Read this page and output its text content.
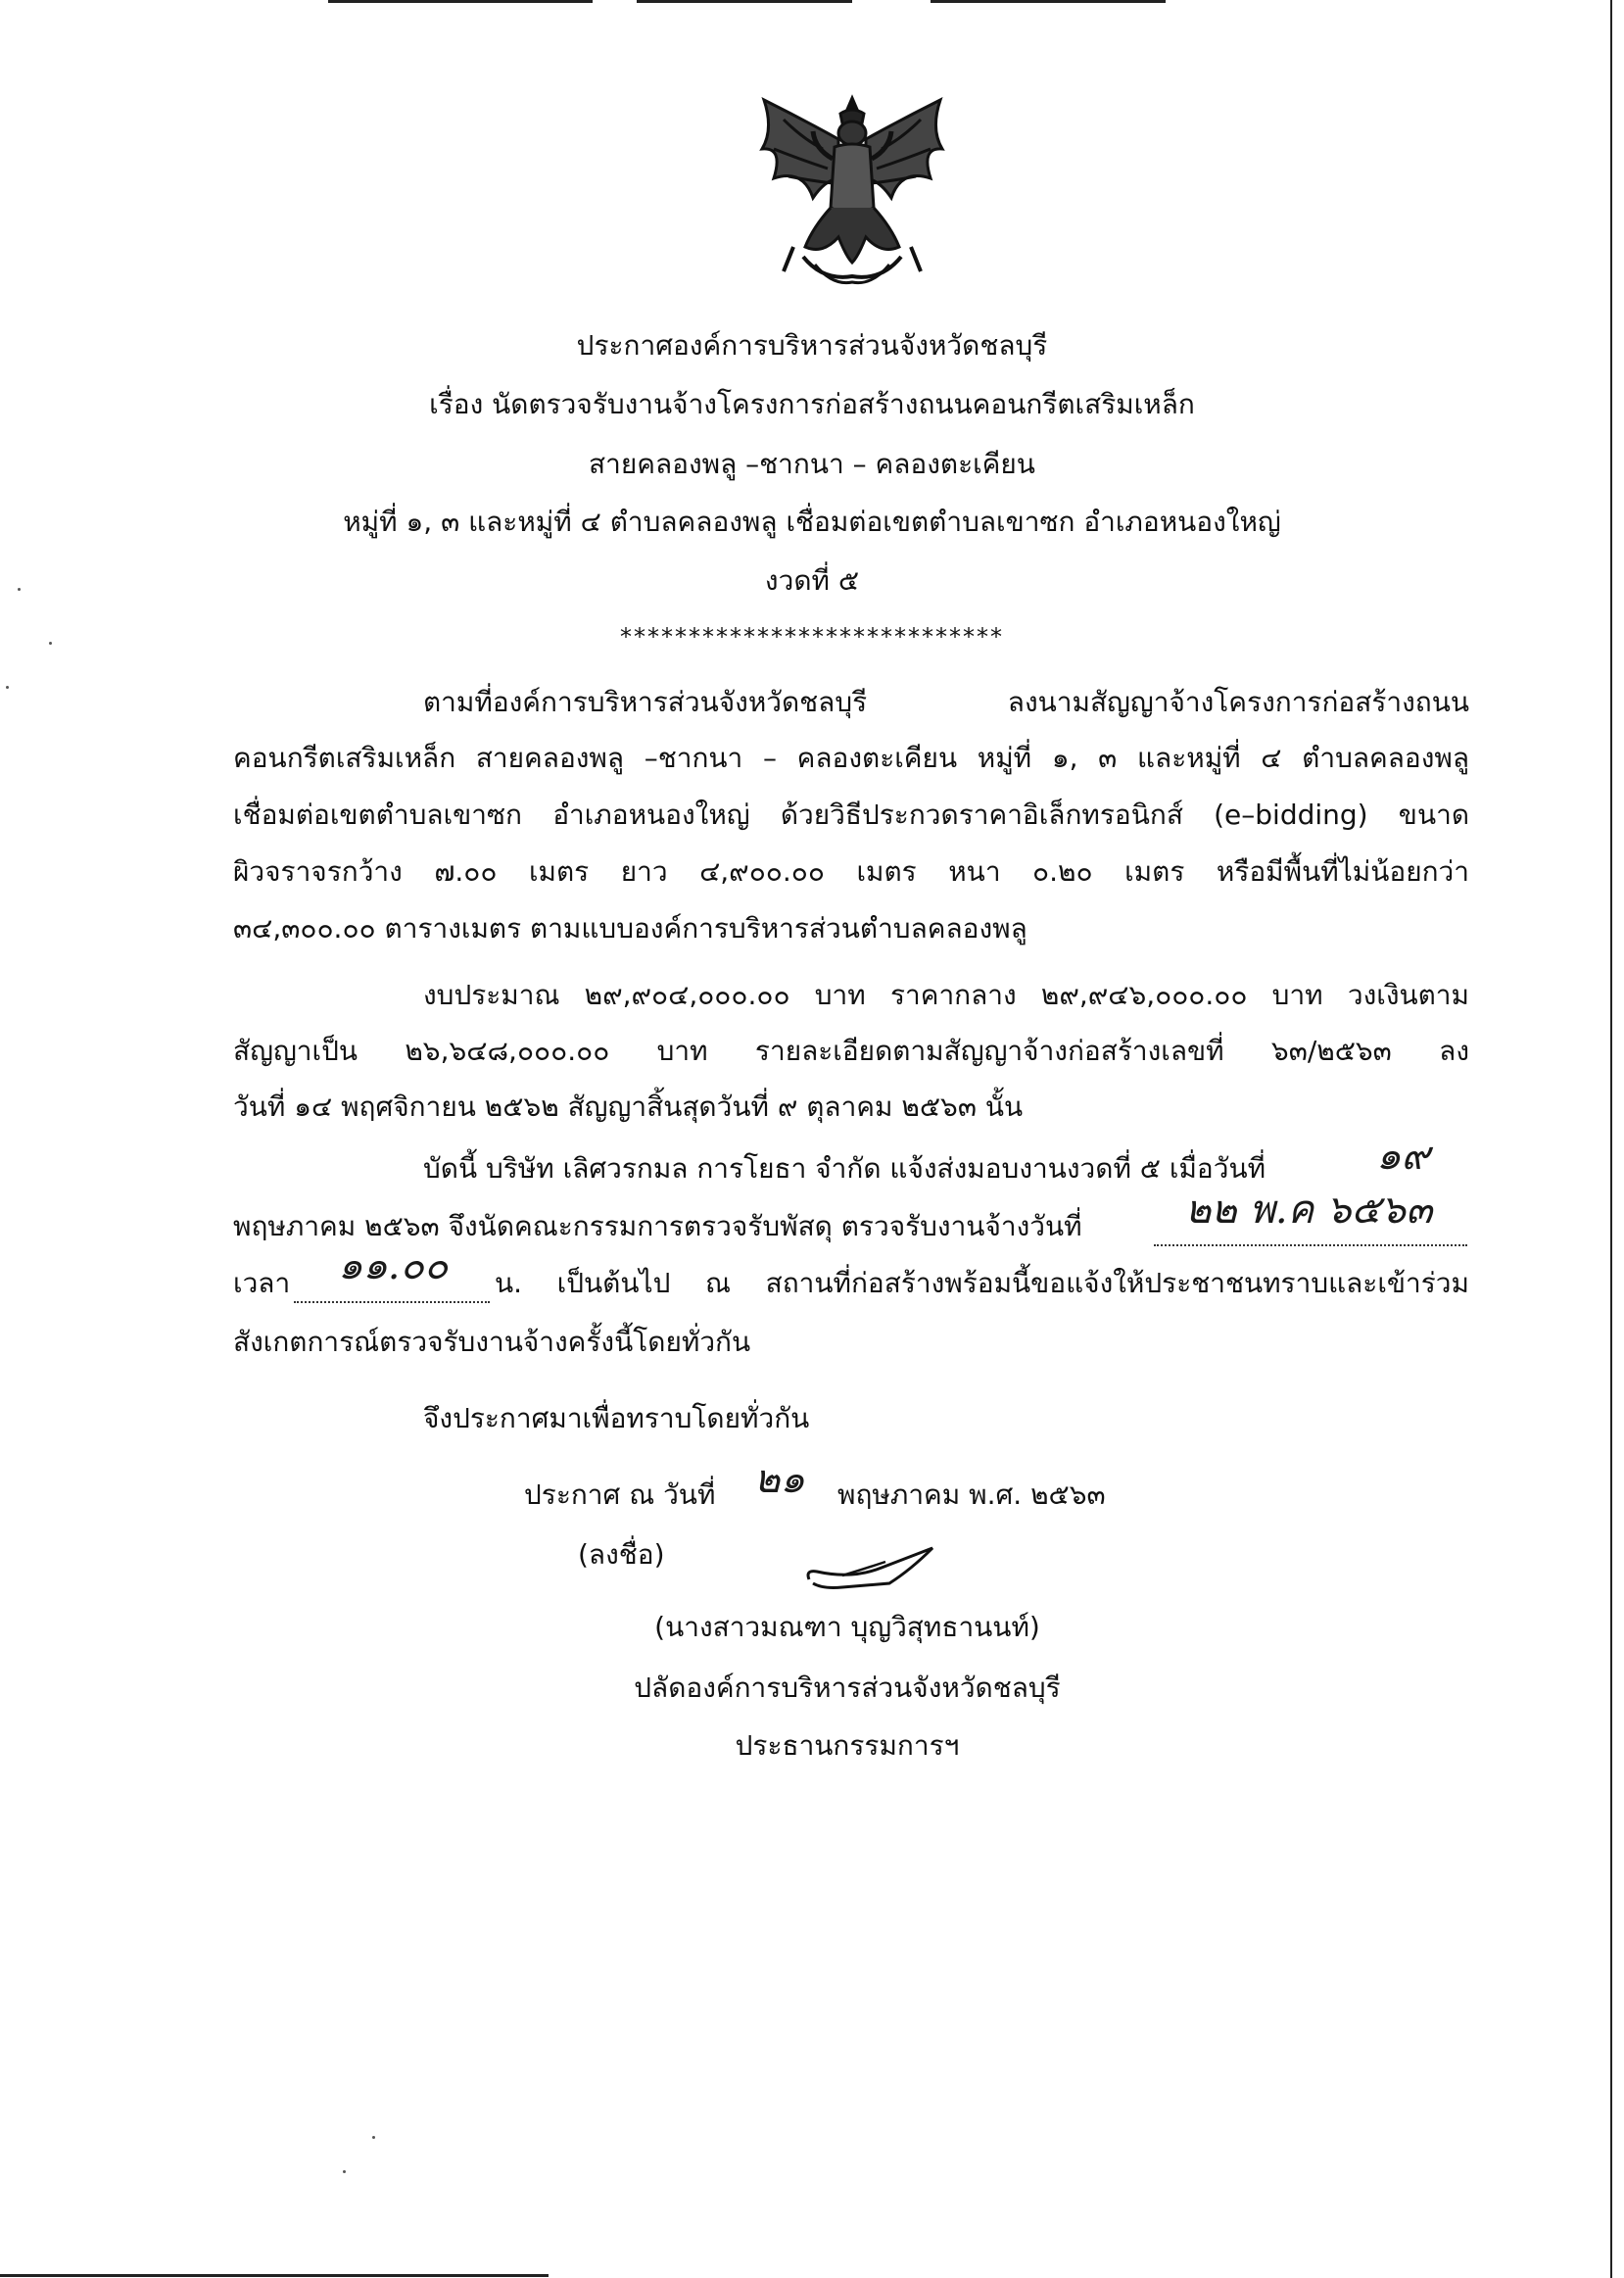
ประกาศองค์การบริหารส่วนจังหวัดชลบุรี
เรื่อง นัดตรวจรับงานจ้างโครงการก่อสร้างถนนคอนกรีตเสริมเหล็ก
สายคลองพลู –ชากนา – คลองตะเคียน
หมู่ที่ ๑, ๓ และหมู่ที่ ๔ ตำบลคลองพลู เชื่อมต่อเขตตำบลเขาซก อำเภอหนองใหญ่
งวดที่ ๕
****************************
ตามที่องค์การบริหารส่วนจังหวัดชลบุรี ลงนามสัญญาจ้างโครงการก่อสร้างถนน
คอนกรีตเสริมเหล็ก สายคลองพลู –ชากนา – คลองตะเคียน หมู่ที่ ๑, ๓ และหมู่ที่ ๔ ตำบลคลองพลู
เชื่อมต่อเขตตำบลเขาซก อำเภอหนองใหญ่ ด้วยวิธีประกวดราคาอิเล็กทรอนิกส์ (e–bidding) ขนาด
ผิวจราจรกว้าง ๗.๐๐ เมตร ยาว ๔,๙๐๐.๐๐ เมตร หนา ๐.๒๐ เมตร หรือมีพื้นที่ไม่น้อยกว่า
๓๔,๓๐๐.๐๐ ตารางเมตร ตามแบบองค์การบริหารส่วนตำบลคลองพลู
งบประมาณ ๒๙,๙๐๔,๐๐๐.๐๐ บาท ราคากลาง ๒๙,๙๔๖,๐๐๐.๐๐ บาท วงเงินตาม
สัญญาเป็น ๒๖,๖๔๘,๐๐๐.๐๐ บาท รายละเอียดตามสัญญาจ้างก่อสร้างเลขที่ ๖๓/๒๕๖๓ ลง
วันที่ ๑๔ พฤศจิกายน ๒๕๖๒ สัญญาสิ้นสุดวันที่ ๙ ตุลาคม ๒๕๖๓ นั้น
บัดนี้ บริษัท เลิศวรกมล การโยธา จำกัด แจ้งส่งมอบงานงวดที่ ๕ เมื่อวันที่	๑๙
พฤษภาคม ๒๕๖๓ จึงนัดคณะกรรมการตรวจรับพัสดุ ตรวจรับงานจ้างวันที่	๒๒ พ.ค ๖๕๖๓
เวลา ๑๑.๐๐ น. เป็นต้นไป ณ สถานที่ก่อสร้างพร้อมนี้ขอแจ้งให้ประชาชนทราบและเข้าร่วม
สังเกตการณ์ตรวจรับงานจ้างครั้งนี้โดยทั่วกัน
จึงประกาศมาเพื่อทราบโดยทั่วกัน
ประกาศ ณ วันที่ ๒๑ พฤษภาคม พ.ศ. ๒๕๖๓
(ลงชื่อ)
(นางสาวมณฑา บุญวิสุทธานนท์)
ปลัดองค์การบริหารส่วนจังหวัดชลบุรี
ประธานกรรมการฯ
